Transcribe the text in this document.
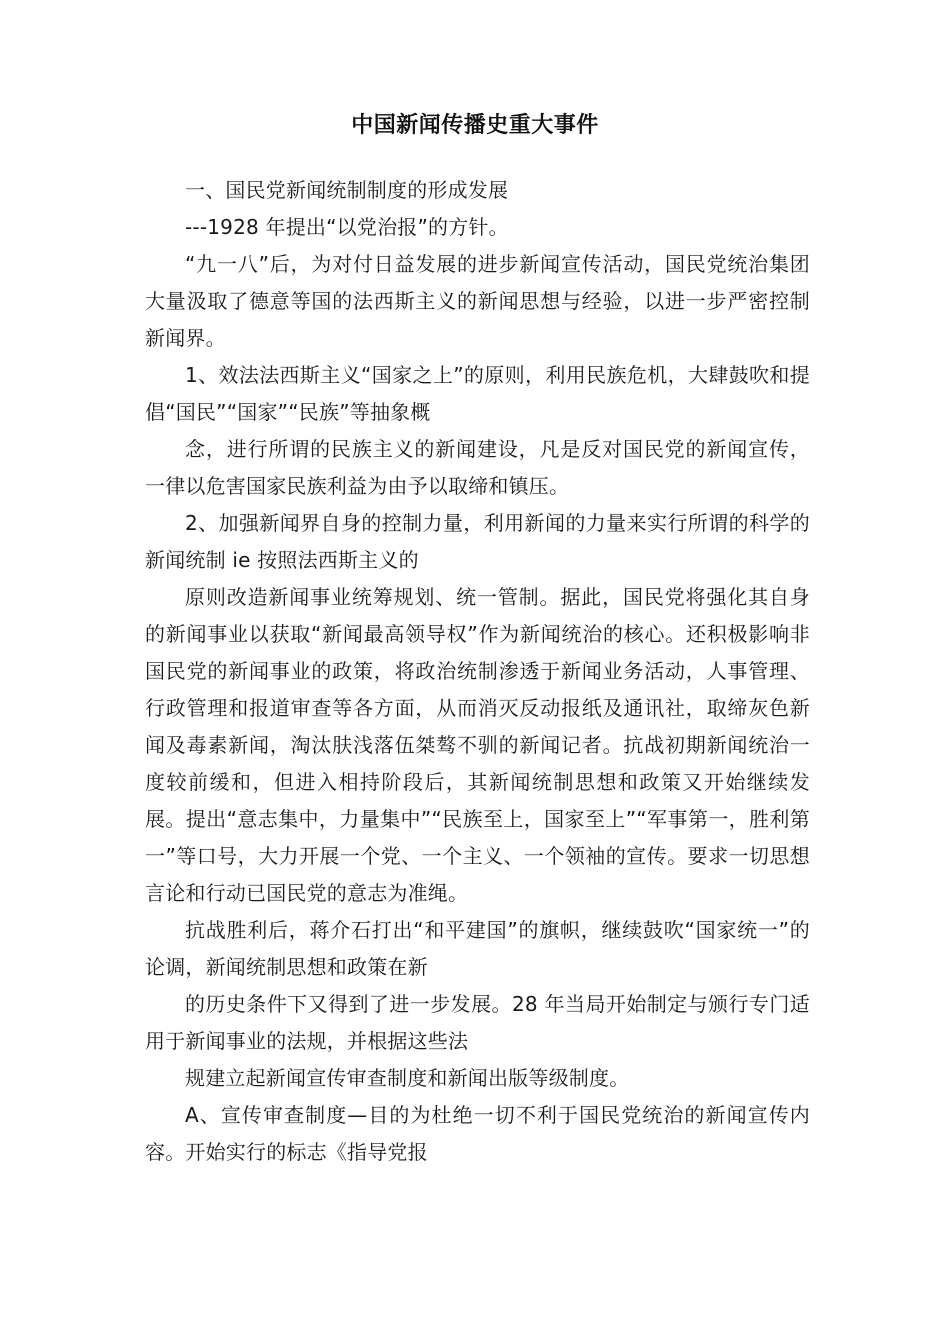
中国新闻传播史重大事件

一、国民党新闻统制制度的形成发展

---1928 年提出“以党治报”的方针。

“九一八”后，为对付日益发展的进步新闻宣传活动，国民党统治集团大量汲取了德意等国的法西斯主义的新闻思想与经验，以进一步严密控制新闻界。

1、效法法西斯主义“国家之上”的原则，利用民族危机，大肆鼓吹和提倡“国民”“国家”“民族”等抽象概

念，进行所谓的民族主义的新闻建设，凡是反对国民党的新闻宣传，一律以危害国家民族利益为由予以取缔和镇压。

2、加强新闻界自身的控制力量，利用新闻的力量来实行所谓的科学的新闻统制 ie 按照法西斯主义的

原则改造新闻事业统筹规划、统一管制。据此，国民党将强化其自身的新闻事业以获取“新闻最高领导权”作为新闻统治的核心。还积极影响非国民党的新闻事业的政策，将政治统制渗透于新闻业务活动，人事管理、行政管理和报道审查等各方面，从而消灭反动报纸及通讯社，取缔灰色新闻及毒素新闻，淘汰肤浅落伍桀骜不驯的新闻记者。抗战初期新闻统治一度较前缓和，但进入相持阶段后，其新闻统制思想和政策又开始继续发展。提出“意志集中，力量集中”“民族至上，国家至上”“军事第一，胜利第一”等口号，大力开展一个党、一个主义、一个领袖的宣传。要求一切思想言论和行动已国民党的意志为准绳。

抗战胜利后，蒋介石打出“和平建国”的旗帜，继续鼓吹“国家统一”的论调，新闻统制思想和政策在新

的历史条件下又得到了进一步发展。28 年当局开始制定与颁行专门适用于新闻事业的法规，并根据这些法

规建立起新闻宣传审查制度和新闻出版等级制度。

A、宣传审查制度—目的为杜绝一切不利于国民党统治的新闻宣传内容。开始实行的标志《指导党报
